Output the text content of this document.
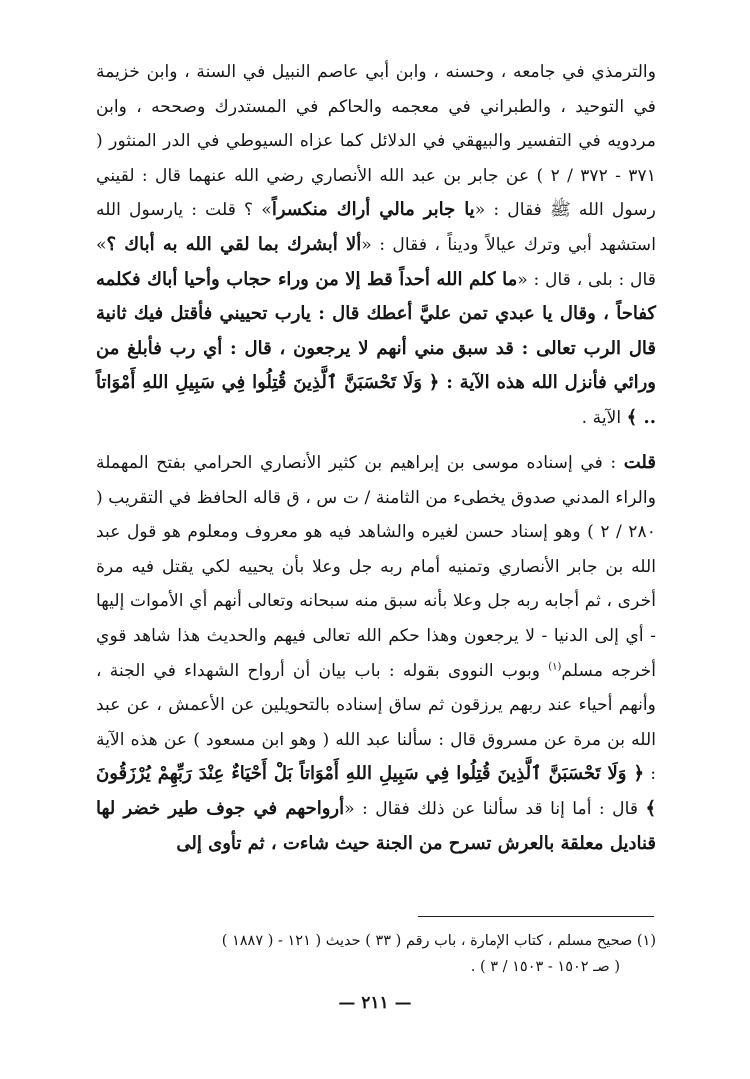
والترمذي في جامعه ، وحسنه ، وابن أبي عاصم النبيل في السنة ، وابن خزيمة في التوحيد ، والطبراني في معجمه والحاكم في المستدرك وصححه ، وابن مردويه في التفسير والبيهقي في الدلائل كما عزاه السيوطي في الدر المنثور ( ٣٧١ - ٣٧٢ / ٢ ) عن جابر بن عبد الله الأنصاري رضي الله عنهما قال : لقيني رسول الله ﷺ فقال : «يا جابر مالي أراك منكسراً» ؟ قلت : يارسول الله استشهد أبي وترك عيالاً وديناً ، فقال : «ألا أبشرك بما لقي الله به أباك ؟» قال : بلى ، قال : «ما كلم الله أحداً قط إلا من وراء حجاب وأحيا أباك فكلمه كفاحاً ، وقال يا عبدي تمن عليَّ أعطك قال : يارب تحييني فأقتل فيك ثانية قال الرب تعالى : قد سبق مني أنهم لا يرجعون ، قال : أي رب فأبلغ من ورائي فأنزل الله هذه الآية : ﴿ وَلَا تَحْسَبَنَّ ٱلَّذِينَ قُتِلُوا فِي سَبِيلِ اللهِ أَمْوَاتاً .. ﴾ الآية .
قلت : في إسناده موسى بن إبراهيم بن كثير الأنصاري الحرامي بفتح المهملة والراء المدني صدوق يخطىء من الثامنة / ت س ، ق قاله الحافظ في التقريب ( ٢٨٠ / ٢ ) وهو إسناد حسن لغيره والشاهد فيه هو معروف ومعلوم هو قول عبد الله بن جابر الأنصاري وتمنيه أمام ربه جل وعلا بأن يحييه لكي يقتل فيه مرة أخرى ، ثم أجابه ربه جل وعلا بأنه سبق منه سبحانه وتعالى أنهم أي الأموات إليها - أي إلى الدنيا - لا يرجعون وهذا حكم الله تعالى فيهم والحديث هذا شاهد قوي أخرجه مسلم$^{(١)}$ وبوب النووى بقوله : باب بيان أن أرواح الشهداء في الجنة ، وأنهم أحياء عند ربهم يرزقون ثم ساق إسناده بالتحويلين عن الأعمش ، عن عبد الله بن مرة عن مسروق قال : سألنا عبد الله ( وهو ابن مسعود ) عن هذه الآية : ﴿ وَلَا تَحْسَبَنَّ ٱلَّذِينَ قُتِلُوا فِي سَبِيلِ اللهِ أَمْوَاتاً بَلْ أَحْيَاءٌ عِنْدَ رَبِّهِمْ يُرْزَقُونَ ﴾ قال : أما إنا قد سألنا عن ذلك فقال : «أرواحهم في جوف طير خضر لها قناديل معلقة بالعرش تسرح من الجنة حيث شاءت ، ثم تأوى إلى
(١) صحيح مسلم ، كتاب الإمارة ، باب رقم ( ٣٣ ) حديث ( ١٢١ - ( ١٨٨٧ )
( صـ ١٥٠٢ - ١٥٠٣ / ٣ ) .
— ٢١١ —
